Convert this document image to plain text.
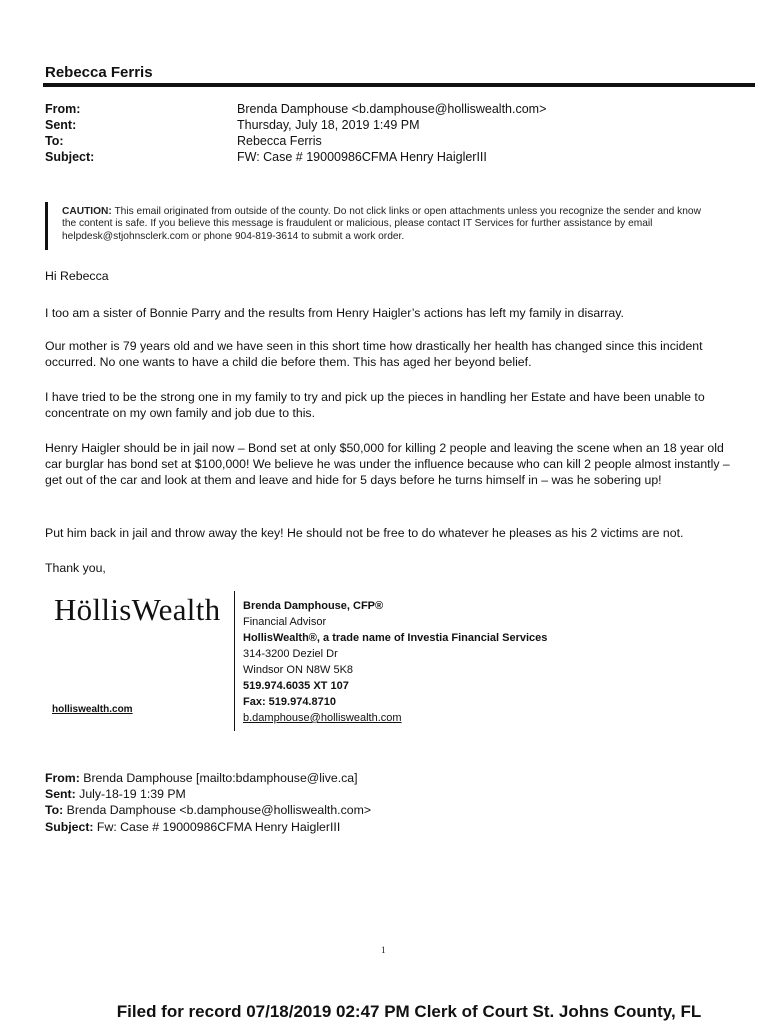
Rebecca Ferris
From:	Brenda Damphouse <b.damphouse@holliswealth.com>
Sent:	Thursday, July 18, 2019 1:49 PM
To:	Rebecca Ferris
Subject:	FW: Case # 19000986CFMA Henry HaiglerIII
CAUTION: This email originated from outside of the county. Do not click links or open attachments unless you recognize the sender and know the content is safe. If you believe this message is fraudulent or malicious, please contact IT Services for further assistance by email helpdesk@stjohnsclerk.com or phone 904-819-3614 to submit a work order.
Hi Rebecca
I too am a sister of Bonnie Parry and the results from Henry Haigler’s actions has left my family in disarray.
Our mother is 79 years old and we have seen in this short time how drastically her health has changed since this incident occurred. No one wants to have a child die before them. This has aged her beyond belief.
I have tried to be the strong one in my family to try and pick up the pieces in handling her Estate and have been unable to concentrate on my own family and job due to this.
Henry Haigler should be in jail now – Bond set at only $50,000 for killing 2 people and leaving the scene when an 18 year old car burglar has bond set at $100,000! We believe he was under the influence because who can kill 2 people almost instantly – get out of the car and look at them and leave and hide for 5 days before he turns himself in – was he sobering up!
Put him back in jail and throw away the key! He should not be free to do whatever he pleases as his 2 victims are not.
Thank you,
HöllisWealth
holliswealth.com
Brenda Damphouse, CFP®
Financial Advisor
HollisWealth®, a trade name of Investia Financial Services
314-3200 Deziel Dr
Windsor ON N8W 5K8
519.974.6035 XT 107
Fax: 519.974.8710
b.damphouse@holliswealth.com
From: Brenda Damphouse [mailto:bdamphouse@live.ca]
Sent: July-18-19 1:39 PM
To: Brenda Damphouse <b.damphouse@holliswealth.com>
Subject: Fw: Case # 19000986CFMA Henry HaiglerIII
1
Filed for record 07/18/2019 02:47 PM Clerk of Court St. Johns County, FL
